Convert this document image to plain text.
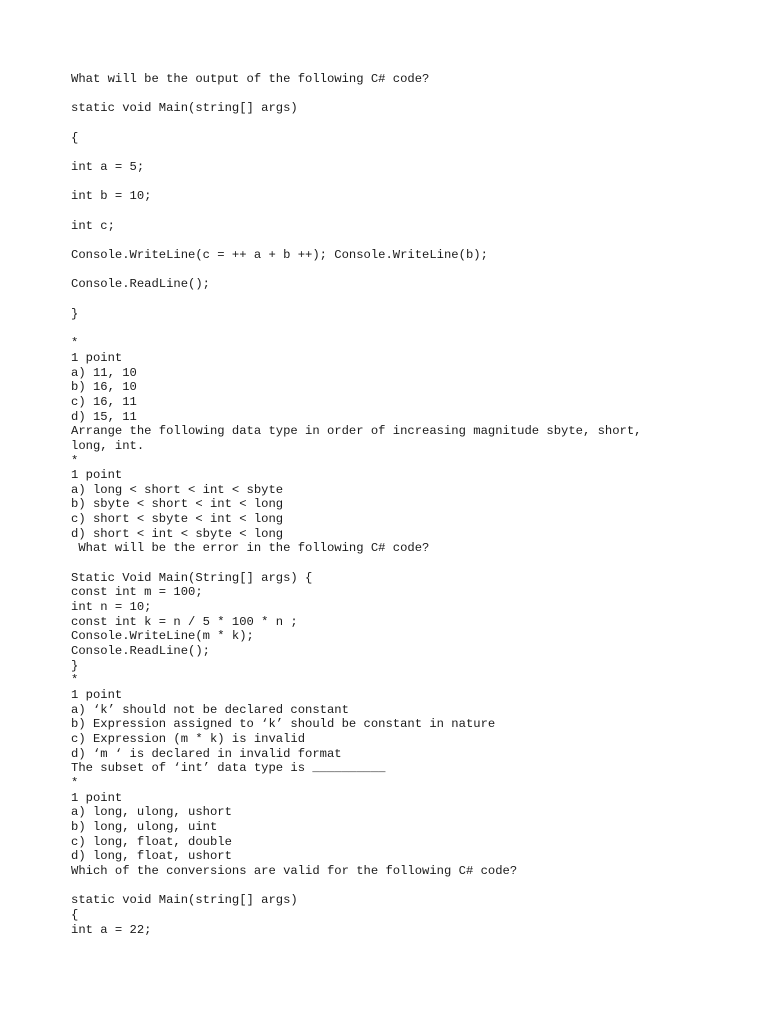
What will be the output of the following C# code?
static void Main(string[] args)
{
int a = 5;
int b = 10;
int c;
Console.WriteLine(c = ++ a + b ++); Console.WriteLine(b);
Console.ReadLine();
}
*
1 point
a) 11, 10
b) 16, 10
c) 16, 11
d) 15, 11
Arrange the following data type in order of increasing magnitude sbyte, short,
long, int.
*
1 point
a) long < short < int < sbyte
b) sbyte < short < int < long
c) short < sbyte < int < long
d) short < int < sbyte < long
What will be the error in the following C# code?
Static Void Main(String[] args) {
const int m = 100;
int n = 10;
const int k = n / 5 * 100 * n ;
Console.WriteLine(m * k);
Console.ReadLine();
}
*
1 point
a) ‘k’ should not be declared constant
b) Expression assigned to ‘k’ should be constant in nature
c) Expression (m * k) is invalid
d) ‘m ‘ is declared in invalid format
The subset of ‘int’ data type is __________
*
1 point
a) long, ulong, ushort
b) long, ulong, uint
c) long, float, double
d) long, float, ushort
Which of the conversions are valid for the following C# code?
static void Main(string[] args)
{
int a = 22;
